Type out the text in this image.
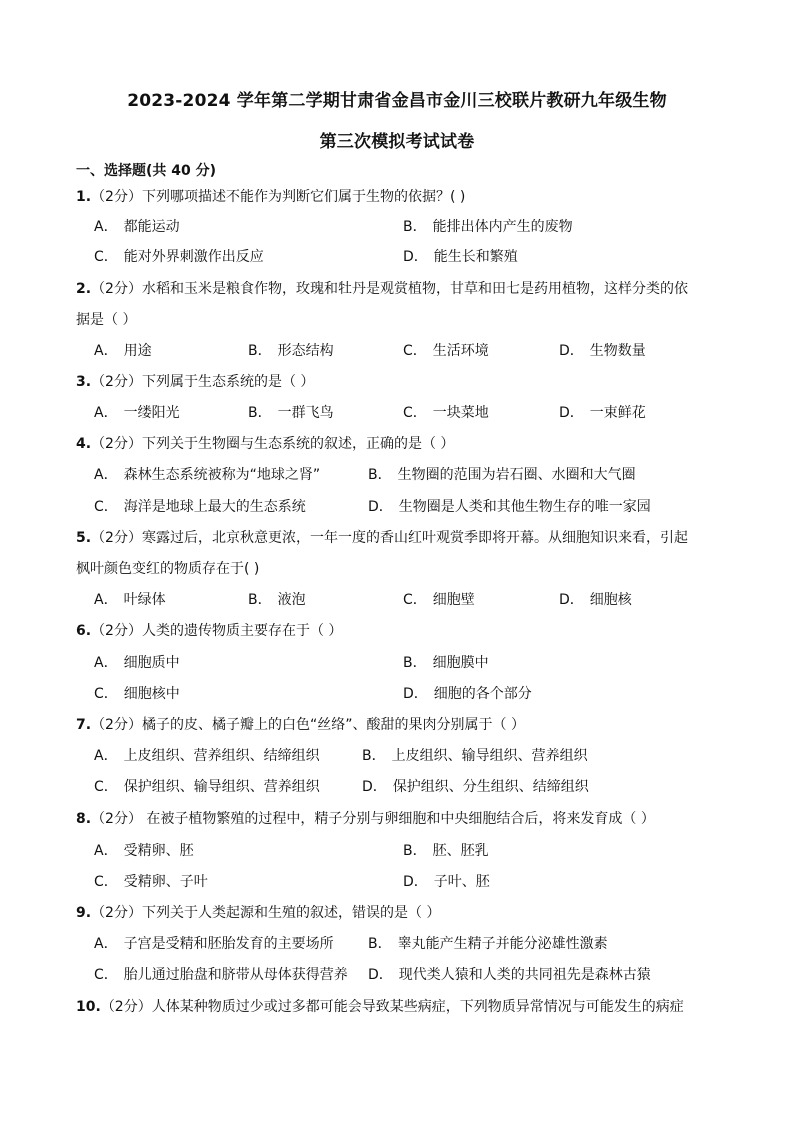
2023-2024 学年第二学期甘肃省金昌市金川三校联片教研九年级生物
第三次模拟考试试卷
一、选择题(共 40 分)
1.（2分）下列哪项描述不能作为判断它们属于生物的依据？( )
A． 都能运动	B． 能排出体内产生的废物
C． 能对外界刺激作出反应	D． 能生长和繁殖
2.（2分）水稻和玉米是粮食作物，玫瑰和牡丹是观赏植物，甘草和田七是药用植物，这样分类的依
据是（ ）
A． 用途	B． 形态结构	C． 生活环境	D． 生物数量
3.（2分）下列属于生态系统的是（ ）
A． 一缕阳光	B． 一群飞鸟	C． 一块菜地	D． 一束鲜花
4.（2分）下列关于生物圈与生态系统的叙述，正确的是（ ）
A． 森林生态系统被称为“地球之肾”	B． 生物圈的范围为岩石圈、水圈和大气圈
C． 海洋是地球上最大的生态系统	D． 生物圈是人类和其他生物生存的唯一家园
5.（2分）寒露过后，北京秋意更浓，一年一度的香山红叶观赏季即将开幕。从细胞知识来看，引起
枫叶颜色变红的物质存在于( )
A． 叶绿体	B． 液泡	C． 细胞壁	D． 细胞核
6.（2分）人类的遗传物质主要存在于（ ）
A． 细胞质中	B． 细胞膜中
C． 细胞核中	D． 细胞的各个部分
7.（2分）橘子的皮、橘子瓣上的白色“丝络”、酸甜的果肉分别属于（ ）
A． 上皮组织、营养组织、结缔组织	B． 上皮组织、输导组织、营养组织
C． 保护组织、输导组织、营养组织	D． 保护组织、分生组织、结缔组织
8.（2分） 在被子植物繁殖的过程中，精子分别与卵细胞和中央细胞结合后，将来发育成（ ）
A． 受精卵、胚	B． 胚、胚乳
C． 受精卵、子叶	D． 子叶、胚
9.（2分）下列关于人类起源和生殖的叙述，错误的是（ ）
A． 子宫是受精和胚胎发育的主要场所 B． 睾丸能产生精子并能分泌雄性激素
C． 胎儿通过胎盘和脐带从母体获得营养 D． 现代类人猿和人类的共同祖先是森林古猿
10.（2分）人体某种物质过少或过多都可能会导致某些病症，下列物质异常情况与可能发生的病症
